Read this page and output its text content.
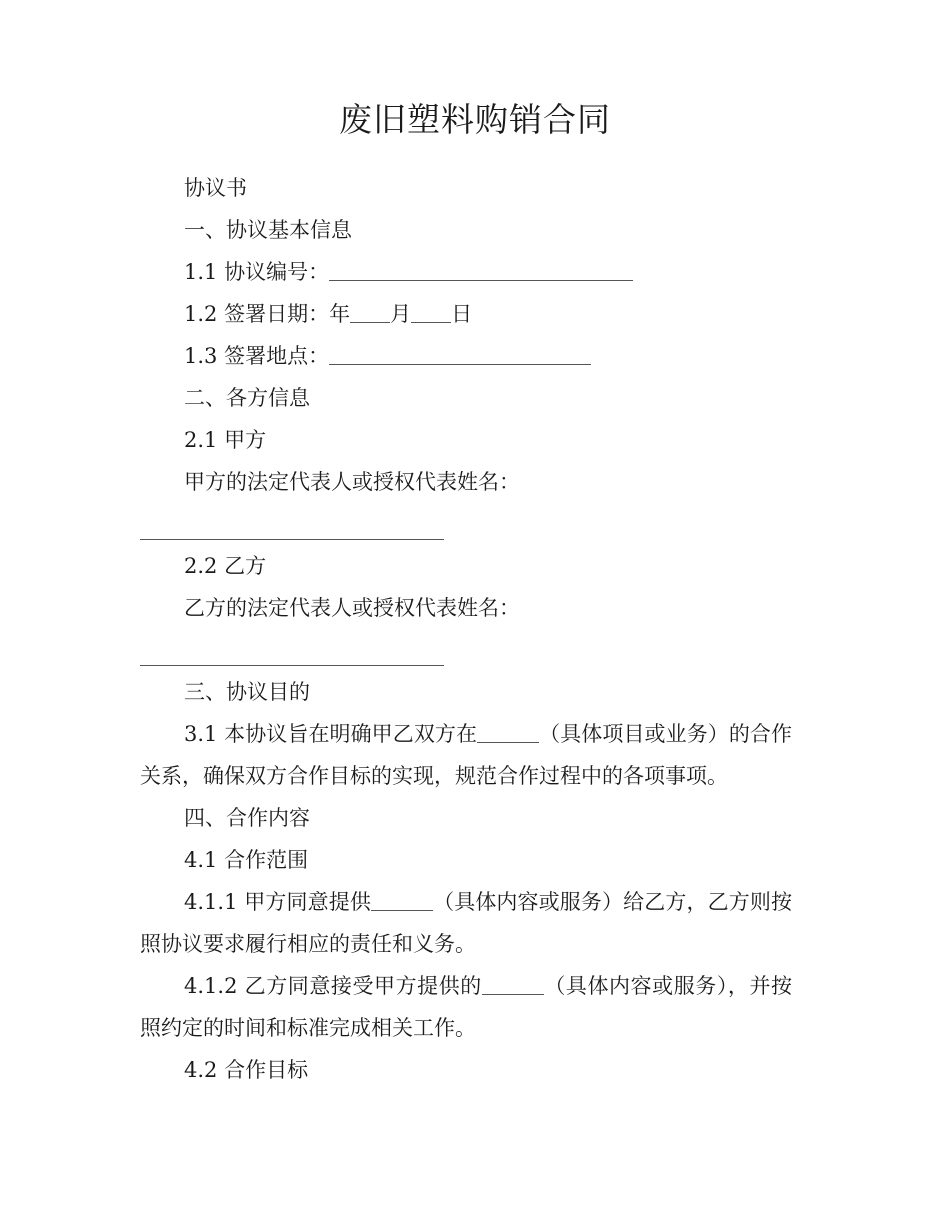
废旧塑料购销合同
协议书
一、协议基本信息
1.1 协议编号：
1.2 签署日期：年 月 日
1.3 签署地点：
二、各方信息
2.1 甲方
甲方的法定代表人或授权代表姓名：
2.2 乙方
乙方的法定代表人或授权代表姓名：
三、协议目的
3.1 本协议旨在明确甲乙双方在	（具体项目或业务）的合作关系，确保双方合作目标的实现，规范合作过程中的各项事项。
四、合作内容
4.1 合作范围
4.1.1 甲方同意提供	（具体内容或服务）给乙方，乙方则按照协议要求履行相应的责任和义务。
4.1.2 乙方同意接受甲方提供的	（具体内容或服务），并按照约定的时间和标准完成相关工作。
4.2 合作目标
